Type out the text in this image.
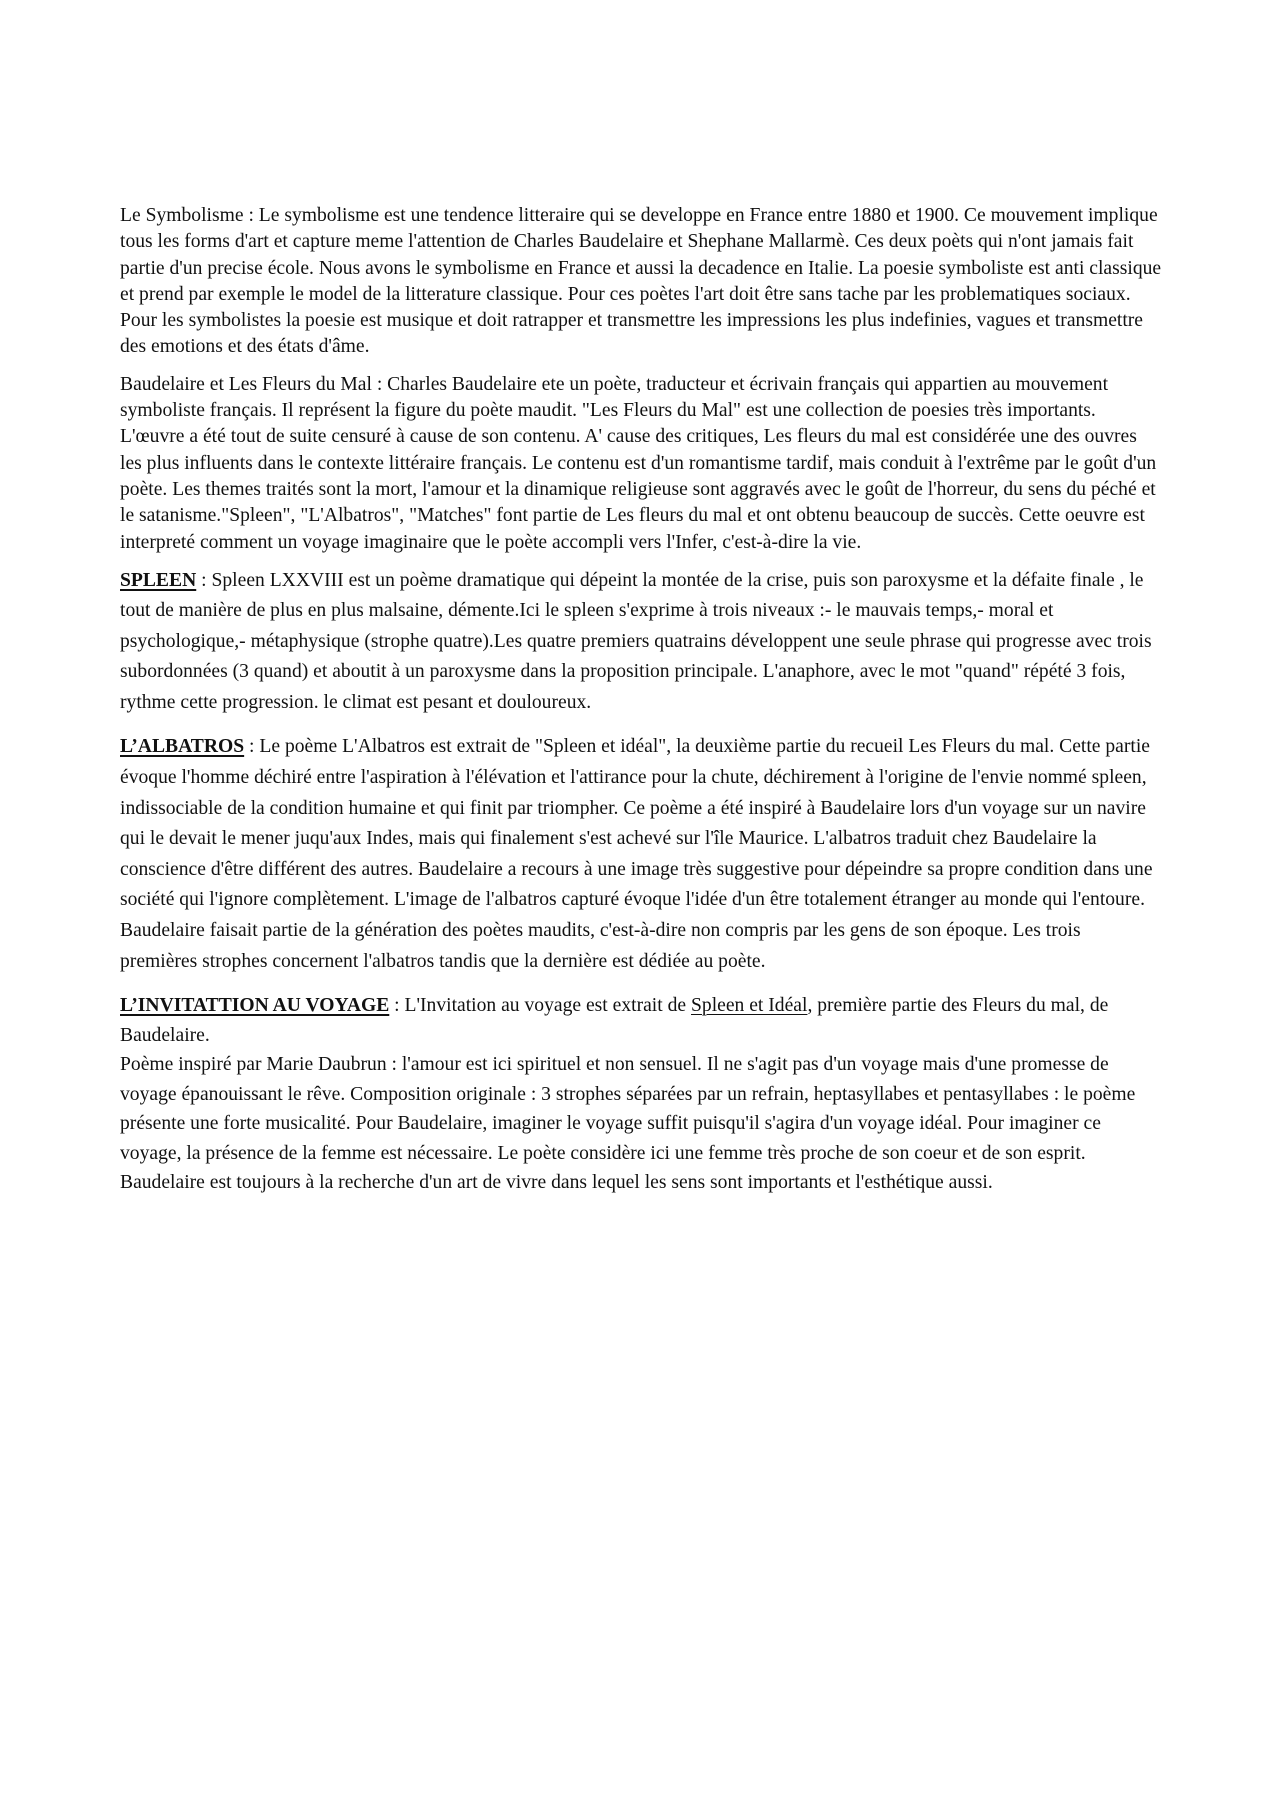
Le Symbolisme : Le symbolisme est une tendence litteraire qui se developpe en France entre 1880 et 1900. Ce mouvement implique tous les forms d'art et capture meme l'attention de Charles Baudelaire et Shephane Mallarmè. Ces deux poèts qui n'ont jamais fait partie d'un precise école. Nous avons le symbolisme en France et aussi la decadence en Italie. La poesie symboliste est anti classique et prend par exemple le model de la litterature classique. Pour ces poètes l'art doit être sans tache par les problematiques sociaux. Pour les symbolistes la poesie est musique et doit ratrapper et transmettre les impressions les plus indefinies, vagues et transmettre des emotions et des états d'âme.

Baudelaire et Les Fleurs du Mal : Charles Baudelaire ete un poète, traducteur et écrivain français qui appartien au mouvement symboliste français. Il représent la figure du poète maudit. "Les Fleurs du Mal" est une collection de poesies très importants. L'œuvre a été tout de suite censuré à cause de son contenu. A' cause des critiques, Les fleurs du mal est considérée une des ouvres les plus influents dans le contexte littéraire français. Le contenu est d'un romantisme tardif, mais conduit à l'extrême par le goût d'un poète. Les themes traités sont la mort, l'amour et la dinamique religieuse sont aggravés avec le goût de l'horreur, du sens du péché et le satanisme."Spleen", "L'Albatros", "Matches" font partie de Les fleurs du mal et ont obtenu beaucoup de succès. Cette oeuvre est interpreté comment un voyage imaginaire que le poète accompli vers l'Infer, c'est-à-dire la vie.

SPLEEN : Spleen LXXVIII est un poème dramatique qui dépeint la montée de la crise, puis son paroxysme et la défaite finale , le tout de manière de plus en plus malsaine, démente.Ici le spleen s'exprime à trois niveaux :- le mauvais temps,- moral et psychologique,- métaphysique (strophe quatre).Les quatre premiers quatrains développent une seule phrase qui progresse avec trois subordonnées (3 quand) et aboutit à un paroxysme dans la proposition principale. L'anaphore, avec le mot "quand" répété 3 fois, rythme cette progression. le climat est pesant et douloureux.

L’ALBATROS : Le poème L'Albatros est extrait de "Spleen et idéal", la deuxième partie du recueil Les Fleurs du mal. Cette partie évoque l'homme déchiré entre l'aspiration à l'élévation et l'attirance pour la chute, déchirement à l'origine de l'envie nommé spleen, indissociable de la condition humaine et qui finit par triompher. Ce poème a été inspiré à Baudelaire lors d'un voyage sur un navire qui le devait le mener juqu'aux Indes, mais qui finalement s'est achevé sur l'île Maurice. L'albatros traduit chez Baudelaire la conscience d'être différent des autres. Baudelaire a recours à une image très suggestive pour dépeindre sa propre condition dans une société qui l'ignore complètement. L'image de l'albatros capturé évoque l'idée d'un être totalement étranger au monde qui l'entoure. Baudelaire faisait partie de la génération des poètes maudits, c'est-à-dire non compris par les gens de son époque. Les trois premières strophes concernent l'albatros tandis que la dernière est dédiée au poète.

L’INVITATTION AU VOYAGE : L'Invitation au voyage est extrait de Spleen et Idéal, première partie des Fleurs du mal, de Baudelaire.
Poème inspiré par Marie Daubrun : l'amour est ici spirituel et non sensuel. Il ne s'agit pas d'un voyage mais d'une promesse de voyage épanouissant le rêve. Composition originale : 3 strophes séparées par un refrain, heptasyllabes et pentasyllabes : le poème présente une forte musicalité. Pour Baudelaire, imaginer le voyage suffit puisqu'il s'agira d'un voyage idéal. Pour imaginer ce voyage, la présence de la femme est nécessaire. Le poète considère ici une femme très proche de son coeur et de son esprit. Baudelaire est toujours à la recherche d'un art de vivre dans lequel les sens sont importants et l'esthétique aussi.
